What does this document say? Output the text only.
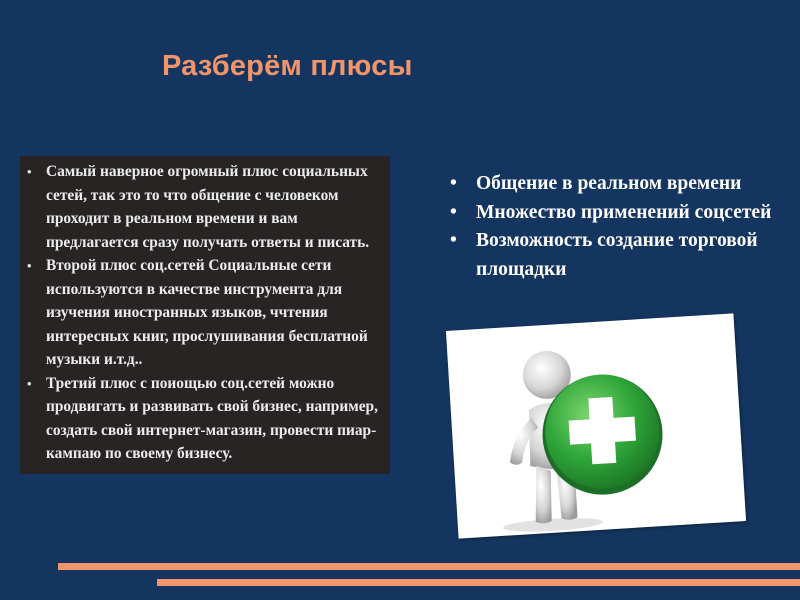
Разберём плюсы
• Самый наверное огромный плюс социальных сетей, так это то что общение с человеком проходит в реальном времени и вам предлагается сразу получать ответы и писать.
• Второй плюс соц.сетей Социальные сети используются в качестве инструмента для изучения иностранных языков, ччтения интересных книг, прослушивания бесплатной музыки и.т.д..
• Третий плюс с поиощью соц.сетей можно продвигать и развивать свой бизнес, например, создать свой интернет-магазин, провести пиар-кампаю по своему бизнесу.
• Общение в реальном времени
• Множество применений соцсетей
• Возможность создание торговой площадки
